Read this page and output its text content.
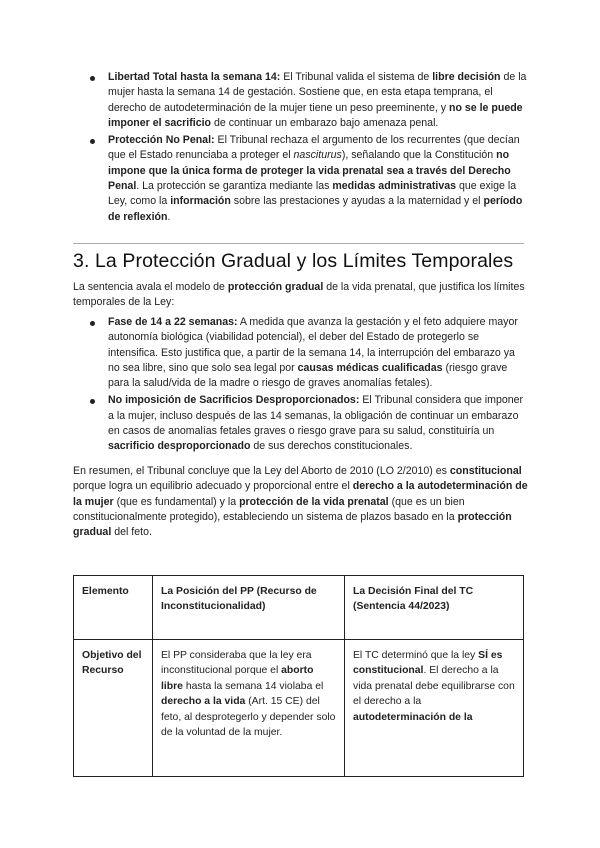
Libertad Total hasta la semana 14: El Tribunal valida el sistema de libre decisión de la mujer hasta la semana 14 de gestación. Sostiene que, en esta etapa temprana, el derecho de autodeterminación de la mujer tiene un peso preeminente, y no se le puede imponer el sacrificio de continuar un embarazo bajo amenaza penal.
Protección No Penal: El Tribunal rechaza el argumento de los recurrentes (que decían que el Estado renunciaba a proteger el nasciturus), señalando que la Constitución no impone que la única forma de proteger la vida prenatal sea a través del Derecho Penal. La protección se garantiza mediante las medidas administrativas que exige la Ley, como la información sobre las prestaciones y ayudas a la maternidad y el período de reflexión.
3. La Protección Gradual y los Límites Temporales

La sentencia avala el modelo de protección gradual de la vida prenatal, que justifica los límites temporales de la Ley:

Fase de 14 a 22 semanas: A medida que avanza la gestación y el feto adquiere mayor autonomía biológica (viabilidad potencial), el deber del Estado de protegerlo se intensifica. Esto justifica que, a partir de la semana 14, la interrupción del embarazo ya no sea libre, sino que solo sea legal por causas médicas cualificadas (riesgo grave para la salud/vida de la madre o riesgo de graves anomalías fetales).
No imposición de Sacrificios Desproporcionados: El Tribunal considera que imponer a la mujer, incluso después de las 14 semanas, la obligación de continuar un embarazo en casos de anomalías fetales graves o riesgo grave para su salud, constituiría un sacrificio desproporcionado de sus derechos constitucionales.

En resumen, el Tribunal concluye que la Ley del Aborto de 2010 (LO 2/2010) es constitucional porque logra un equilibrio adecuado y proporcional entre el derecho a la autodeterminación de la mujer (que es fundamental) y la protección de la vida prenatal (que es un bien constitucionalmente protegido), estableciendo un sistema de plazos basado en la protección gradual del feto.

Elemento	La Posición del PP (Recurso de Inconstitucionalidad)	La Decisión Final del TC (Sentencia 44/2023)
Objetivo del Recurso	El PP consideraba que la ley era inconstitucional porque el aborto libre hasta la semana 14 violaba el derecho a la vida (Art. 15 CE) del feto, al desprotegerlo y depender solo de la voluntad de la mujer.	El TC determinó que la ley SÍ es constitucional. El derecho a la vida prenatal debe equilibrarse con el derecho a la autodeterminación de la
